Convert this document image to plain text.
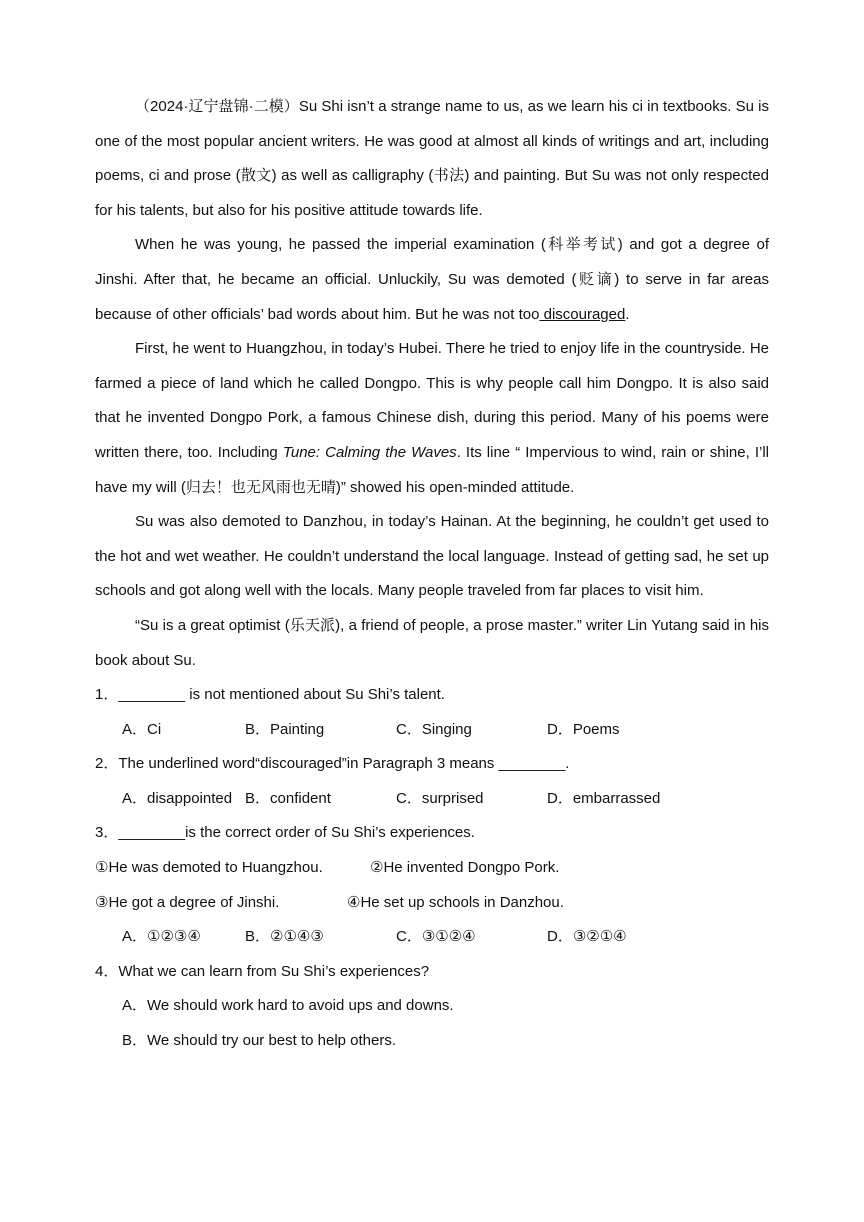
（2024·辽宁盘锦·二模）Su Shi isn’t a strange name to us, as we learn his ci in textbooks. Su is one of the most popular ancient writers. He was good at almost all kinds of writings and art, including poems, ci and prose (散文) as well as calligraphy (书法) and painting. But Su was not only respected for his talents, but also for his positive attitude towards life.

When he was young, he passed the imperial examination (科举考试) and got a degree of Jinshi. After that, he became an official. Unluckily, Su was demoted (贬谪) to serve in far areas because of other officials’ bad words about him. But he was not too discouraged.

First, he went to Huangzhou, in today’s Hubei. There he tried to enjoy life in the countryside. He farmed a piece of land which he called Dongpo. This is why people call him Dongpo. It is also said that he invented Dongpo Pork, a famous Chinese dish, during this period. Many of his poems were written there, too. Including Tune: Calming the Waves. Its line “ Impervious to wind, rain or shine, I’ll have my will (归去！也无风雨也无晴)” showed his open-minded attitude.

Su was also demoted to Danzhou, in today’s Hainan. At the beginning, he couldn’t get used to the hot and wet weather. He couldn’t understand the local language. Instead of getting sad, he set up schools and got along well with the locals. Many people traveled from far places to visit him.

“Su is a great optimist (乐天派), a friend of people, a prose master.” writer Lin Yutang said in his book about Su.

1．________ is not mentioned about Su Shi’s talent.

A．Ci	B．Painting	C．Singing	D．Poems

2．The underlined word“discouraged”in Paragraph 3 means ________.

A．disappointed B．confident	C．surprised	D．embarrassed

3．________is the correct order of Su Shi’s experiences.

①He was demoted to Huangzhou.	②He invented Dongpo Pork.
③He got a degree of Jinshi.	④He set up schools in Danzhou.
A．①②③④	B．②①④③	C．③①②④	D．③②①④

4．What we can learn from Su Shi’s experiences?

A．We should work hard to avoid ups and downs.

B．We should try our best to help others.
